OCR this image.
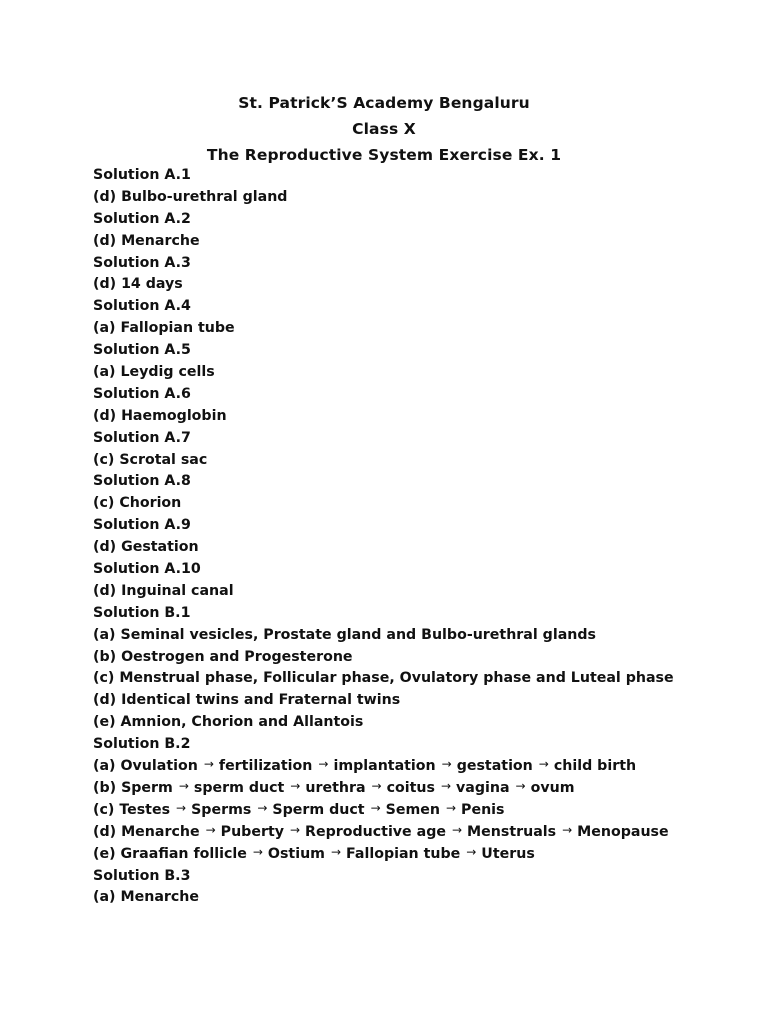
St. Patrick’S Academy Bengaluru
Class X
The Reproductive System Exercise Ex. 1
Solution A.1
(d) Bulbo-urethral gland
Solution A.2
(d) Menarche
Solution A.3
(d) 14 days
Solution A.4
(a) Fallopian tube
Solution A.5
(a) Leydig cells
Solution A.6
(d) Haemoglobin
Solution A.7
(c) Scrotal sac
Solution A.8
(c) Chorion
Solution A.9
(d) Gestation
Solution A.10
(d) Inguinal canal
Solution B.1
(a) Seminal vesicles, Prostate gland and Bulbo-urethral glands
(b) Oestrogen and Progesterone
(c) Menstrual phase, Follicular phase, Ovulatory phase and Luteal phase
(d) Identical twins and Fraternal twins
(e) Amnion, Chorion and Allantois
Solution B.2
(a) Ovulation → fertilization → implantation → gestation → child birth
(b) Sperm → sperm duct → urethra → coitus → vagina → ovum
(c) Testes → Sperms → Sperm duct → Semen → Penis
(d) Menarche → Puberty → Reproductive age → Menstruals → Menopause
(e) Graafian follicle → Ostium → Fallopian tube → Uterus
Solution B.3
(a) Menarche
